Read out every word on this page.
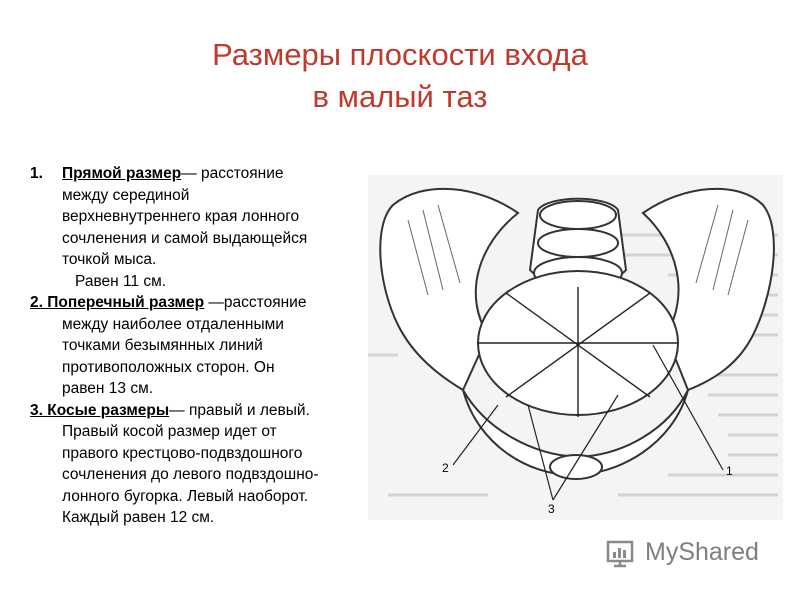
Размеры плоскости входа
в малый таз
1. Прямой размер— расстояние
между серединой
верхневнутреннего края лонного
сочленения и самой выдающейся
точкой мыса.
Равен 11 см.
2. Поперечный размер —расстояние
между наиболее отдаленными
точками безымянных линий
противоположных сторон. Он
равен 13 см.
3. Косые размеры— правый и левый.
Правый косой размер идет от
правого крестцово-подвздошного
сочленения до левого подвздошно-
лонного бугорка. Левый наоборот.
Каждый равен 12 см.
2
3
1
MyShared
